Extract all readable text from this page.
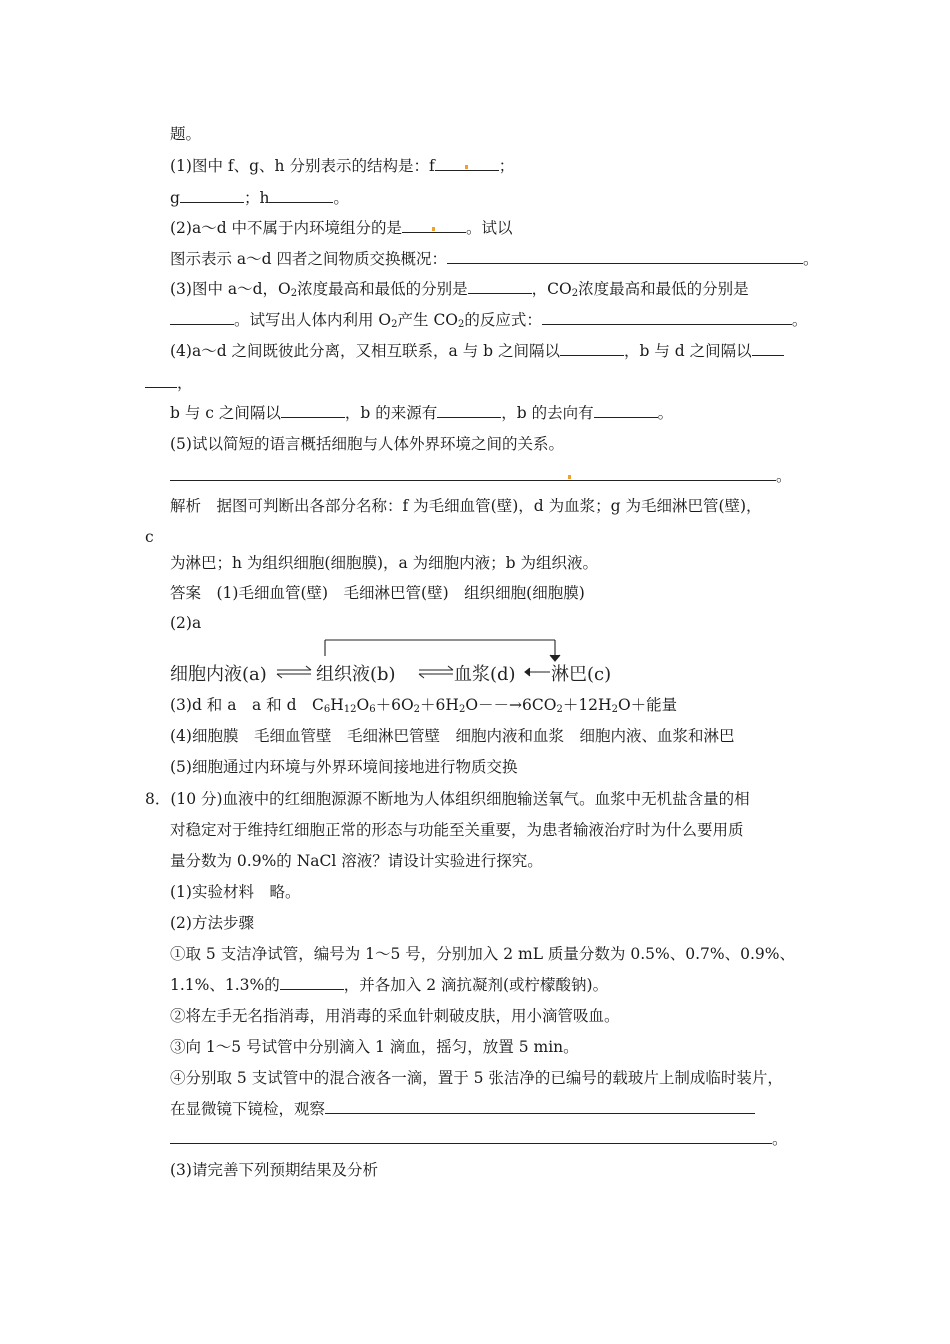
题。
(1)图中 f、g、h 分别表示的结构是：f	；
g	；h	。
(2)a～d 中不属于内环境组分的是	。试以
图示表示 a～d 四者之间物质交换概况：	。
(3)图中 a～d，$O_2$浓度最高和最低的分别是	，$CO_2$浓度最高和最低的分别是
。试写出人体内利用 $O_2$产生 $CO_2$的反应式：	。
(4)a～d 之间既彼此分离，又相互联系，a 与 b 之间隔以	，b 与 d 之间隔以
，
b 与 c 之间隔以	，b 的来源有	，b 的去向有	。
(5)试以简短的语言概括细胞与人体外界环境之间的关系。
。
解析　据图可判断出各部分名称：f 为毛细血管(壁)，d 为血浆；g 为毛细淋巴管(壁)，
c
为淋巴；h 为组织细胞(细胞膜)，a 为细胞内液；b 为组织液。
答案　(1)毛细血管(壁)　毛细淋巴管(壁)　组织细胞(细胞膜)
(2)a
细胞内液(a)	组织液(b)	血浆(d) 淋巴(c)
(3)d 和 a　a 和 d　$C_6H_{12}O_6+6O_2+6H_2O--\to 6CO_2+12H_2O+$能量
(4)细胞膜　毛细血管壁　毛细淋巴管壁　细胞内液和血浆　细胞内液、血浆和淋巴
(5)细胞通过内环境与外界环境间接地进行物质交换
8．(10 分)血液中的红细胞源源不断地为人体组织细胞输送氧气。血浆中无机盐含量的相
对稳定对于维持红细胞正常的形态与功能至关重要，为患者输液治疗时为什么要用质
量分数为 0.9%的 NaCl 溶液？请设计实验进行探究。
(1)实验材料　略。
(2)方法步骤
①取 5 支洁净试管，编号为 1～5 号，分别加入 2 mL 质量分数为 0.5%、0.7%、0.9%、
1.1%、1.3%的	，并各加入 2 滴抗凝剂(或柠檬酸钠)。
②将左手无名指消毒，用消毒的采血针刺破皮肤，用小滴管吸血。
③向 1～5 号试管中分别滴入 1 滴血，摇匀，放置 5 min。
④分别取 5 支试管中的混合液各一滴，置于 5 张洁净的已编号的载玻片上制成临时装片，
在显微镜下镜检，观察
。
(3)请完善下列预期结果及分析
